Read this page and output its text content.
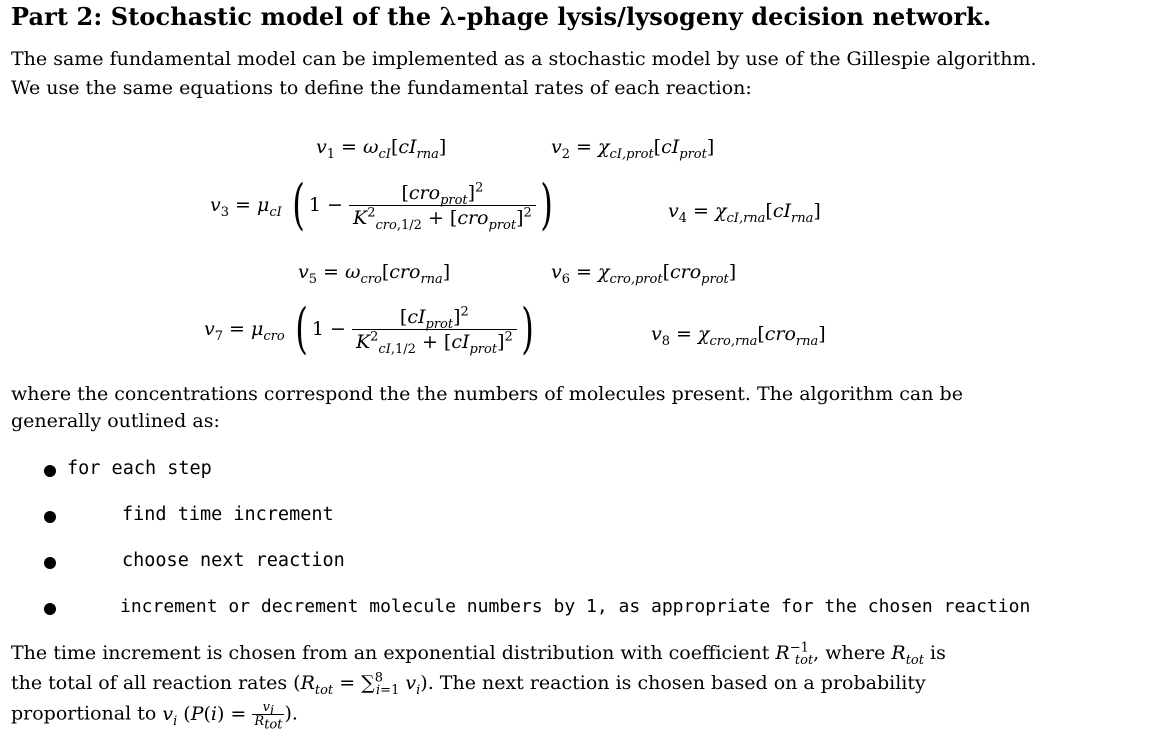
Part 2: Stochastic model of the λ-phage lysis/lysogeny decision network.
The same fundamental model can be implemented as a stochastic model by use of the Gillespie algorithm.
We use the same equations to define the fundamental rates of each reaction:
$v_1 = \omega_{cI}[cI_{rna}]$	$v_2 = \chi_{cI,prot}[cI_{prot}]$
$v_3 = \mu_{cI}$ ( $1 - \frac{[cro_{prot}]^2}{K^2_{cro,1/2} + [cro_{prot}]^2}$ )	$v_4 = \chi_{cI,rna}[cI_{rna}]$
$v_5 = \omega_{cro}[cro_{rna}]$	$v_6 = \chi_{cro,prot}[cro_{prot}]$
$v_7 = \mu_{cro}$ ( $1 - \frac{[cI_{prot}]^2}{K^2_{cI,1/2} + [cI_{prot}]^2}$ )	$v_8 = \chi_{cro,rna}[cro_{rna}]$
where the concentrations correspond the the numbers of molecules present. The algorithm can be
generally outlined as:
for each step
find time increment
choose next reaction
increment or decrement molecule numbers by 1, as appropriate for the chosen reaction
The time increment is chosen from an exponential distribution with coefficient $R^{-1}_{tot}$, where $R_{tot}$ is
the total of all reaction rates ($R_{tot} = \sum^8_{i=1}$ $v_i$). The next reaction is chosen based on a probability
proportional to $v_i$ ($P(i) = \frac{v_i}{R_{tot}}$ ).
